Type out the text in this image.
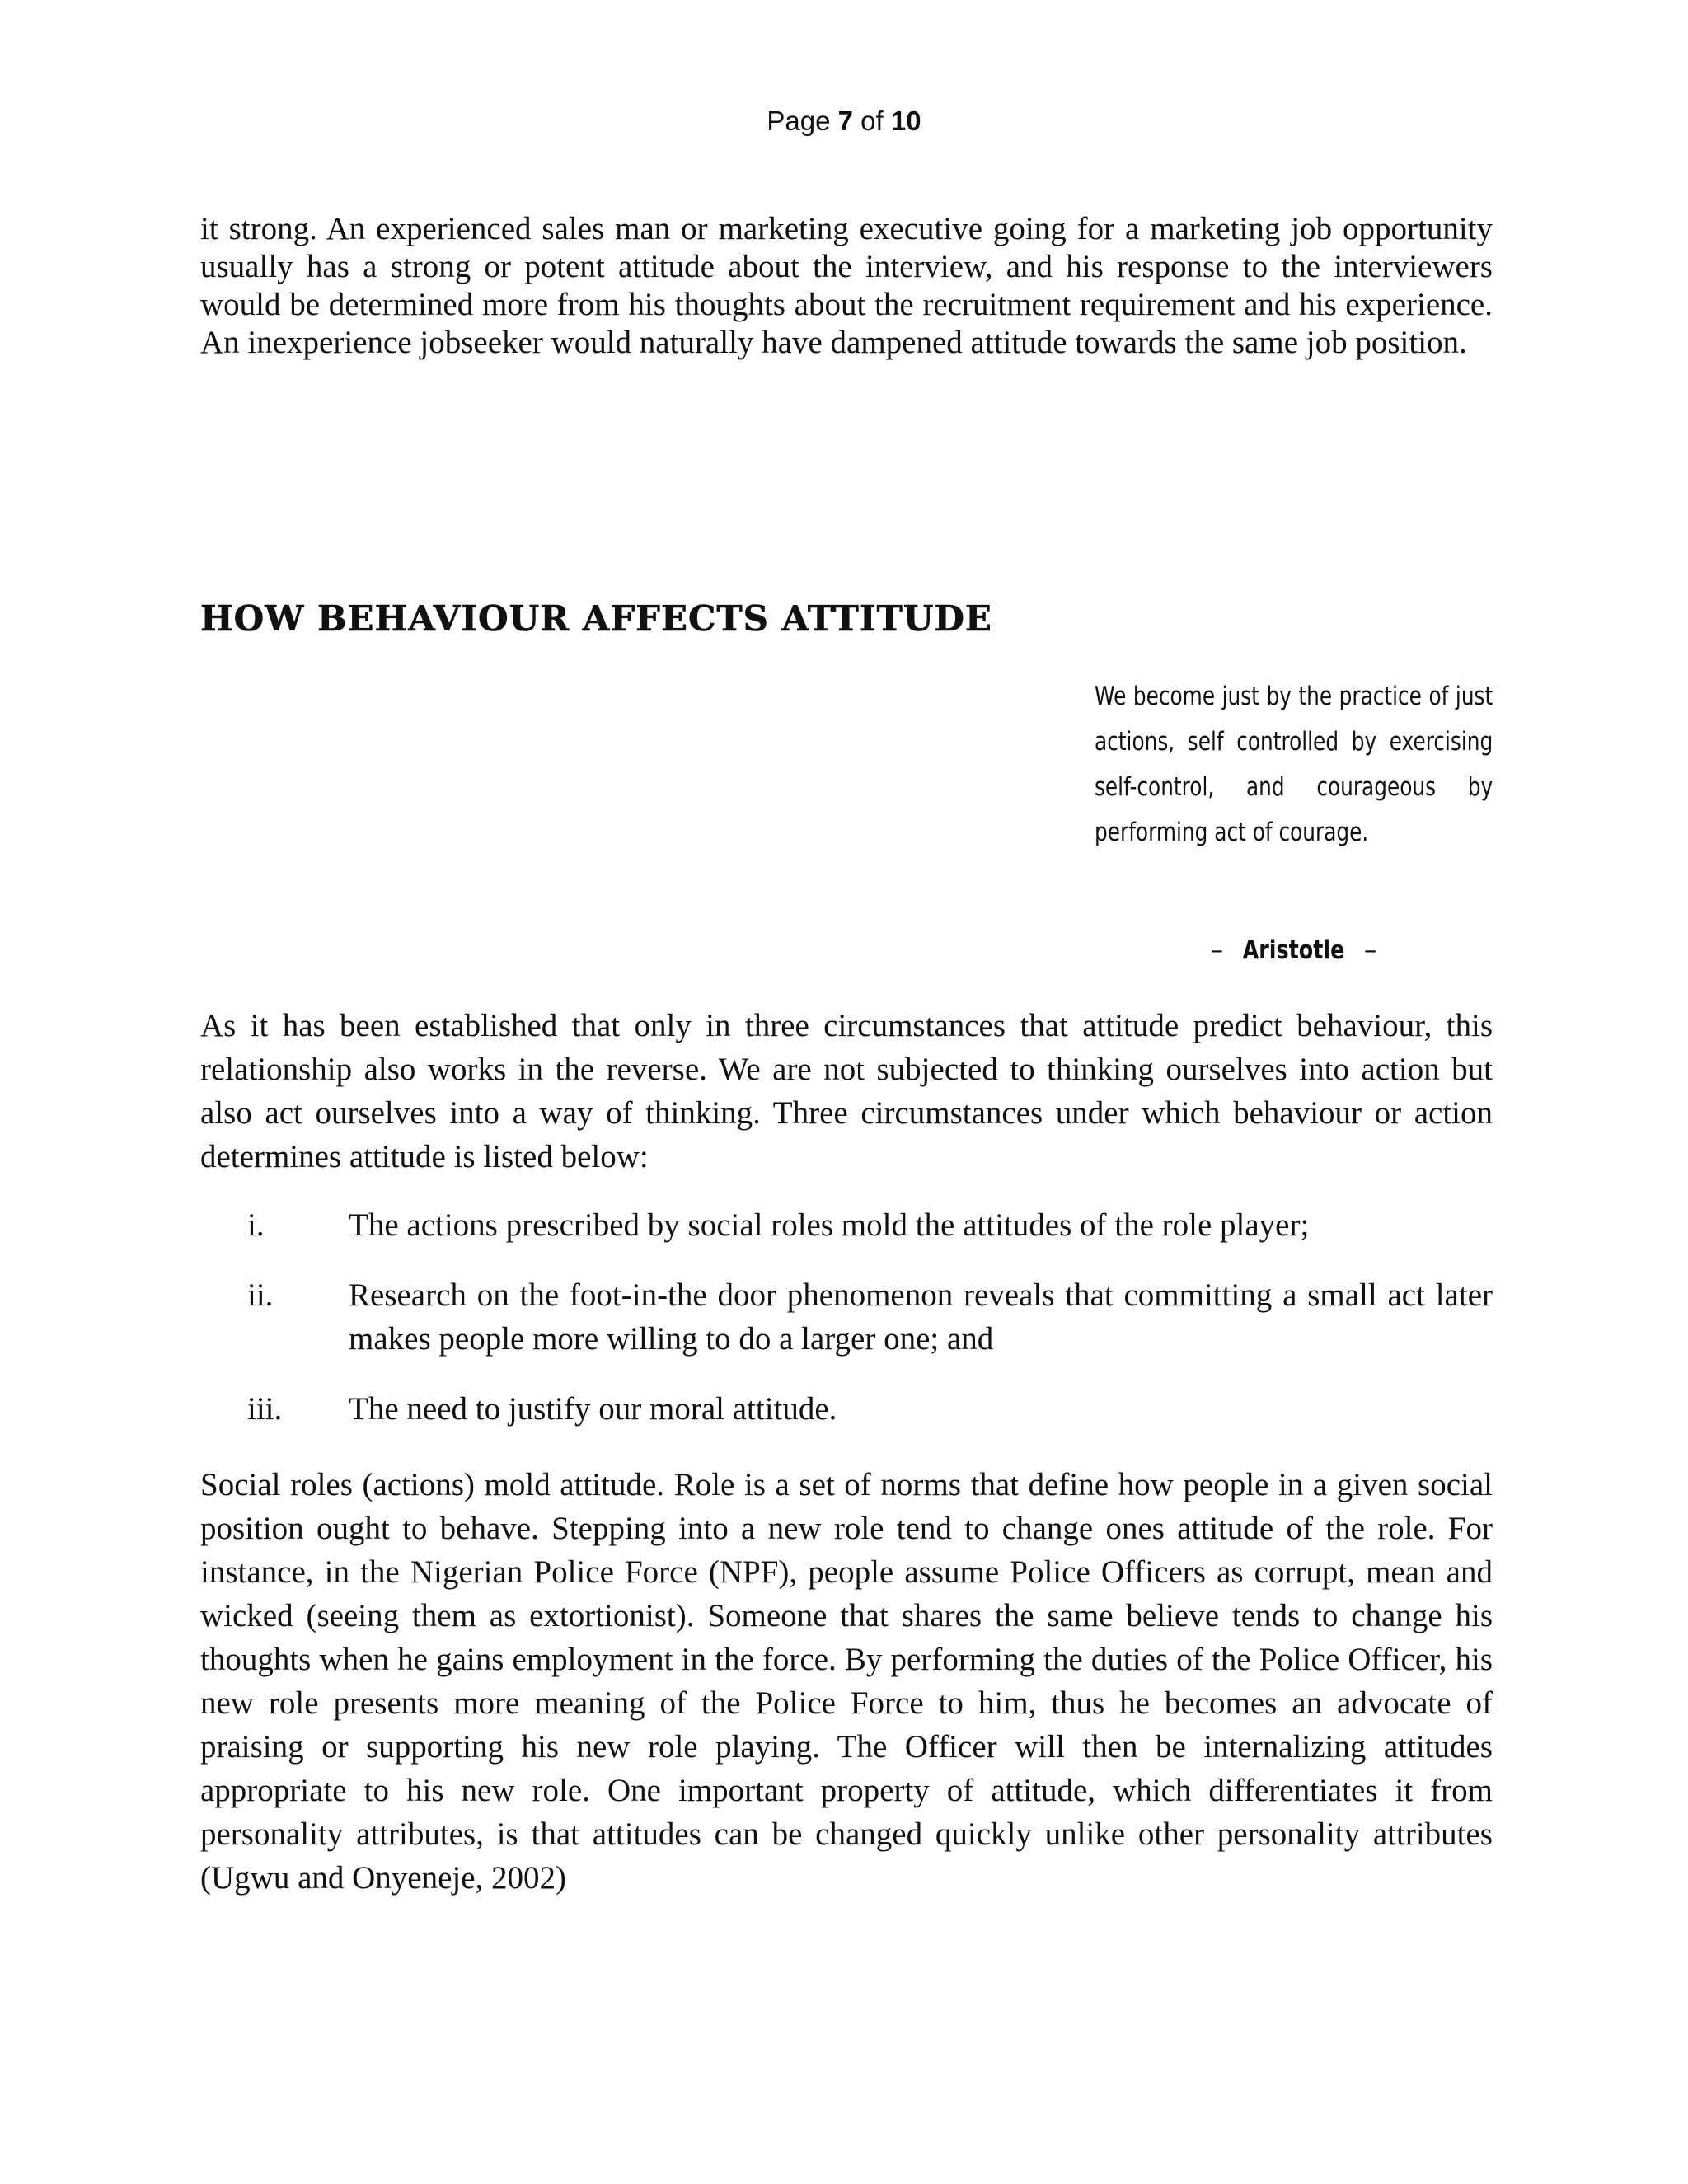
Page 7 of 10

it strong. An experienced sales man or marketing executive going for a marketing job opportunity usually has a strong or potent attitude about the interview, and his response to the interviewers would be determined more from his thoughts about the recruitment requirement and his experience. An inexperience jobseeker would naturally have dampened attitude towards the same job position.

HOW BEHAVIOUR AFFECTS ATTITUDE

We become just by the practice of just actions, self controlled by exercising self-control, and courageous by performing act of courage.

– Aristotle –

As it has been established that only in three circumstances that attitude predict behaviour, this relationship also works in the reverse. We are not subjected to thinking ourselves into action but also act ourselves into a way of thinking. Three circumstances under which behaviour or action determines attitude is listed below:

i.	The actions prescribed by social roles mold the attitudes of the role player;
ii. Research on the foot-in-the door phenomenon reveals that committing a small act later makes people more willing to do a larger one; and
iii. The need to justify our moral attitude.

Social roles (actions) mold attitude. Role is a set of norms that define how people in a given social position ought to behave. Stepping into a new role tend to change ones attitude of the role. For instance, in the Nigerian Police Force (NPF), people assume Police Officers as corrupt, mean and wicked (seeing them as extortionist). Someone that shares the same believe tends to change his thoughts when he gains employment in the force. By performing the duties of the Police Officer, his new role presents more meaning of the Police Force to him, thus he becomes an advocate of praising or supporting his new role playing. The Officer will then be internalizing attitudes appropriate to his new role. One important property of attitude, which differentiates it from personality attributes, is that attitudes can be changed quickly unlike other personality attributes (Ugwu and Onyeneje, 2002)
